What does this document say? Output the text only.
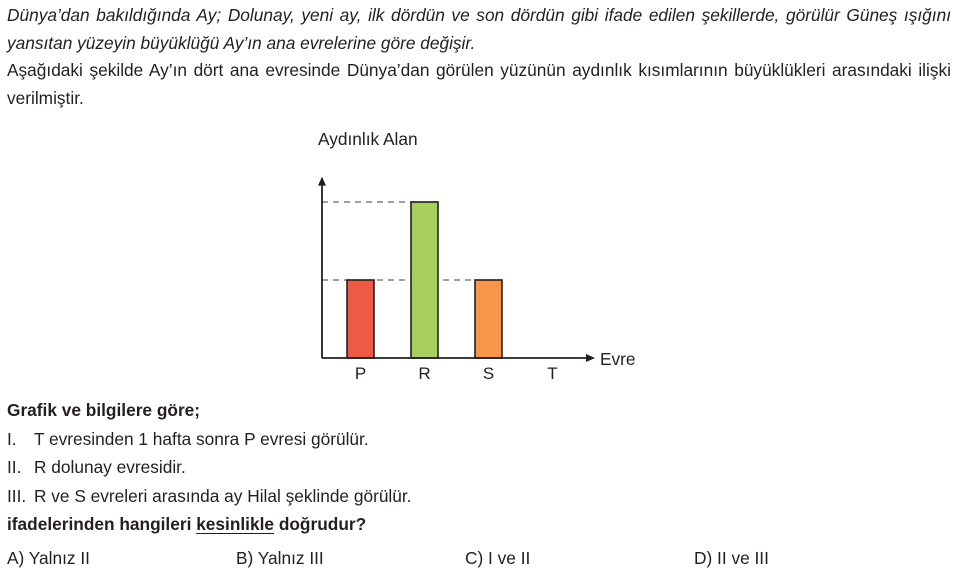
Dünya’dan bakıldığında Ay; Dolunay, yeni ay, ilk dördün ve son dördün gibi ifade edilen şekillerde, görülür Güneş ışığını yansıtan yüzeyin büyüklüğü Ay’ın ana evrelerine göre değişir.

Aşağıdaki şekilde Ay’ın dört ana evresinde Dünya’dan görülen yüzünün aydınlık kısımlarının büyüklükleri arasındaki ilişki verilmiştir.

P	R	S	T
Aydınlık Alan
Evre
Grafik ve bilgilere göre;
I. T evresinden 1 hafta sonra P evresi görülür.
II. R dolunay evresidir.
III. R ve S evreleri arasında ay Hilal şeklinde görülür.
ifadelerinden hangileri kesinlikle doğrudur?
A) Yalnız II	B) Yalnız III	C) I ve II	D) II ve III
